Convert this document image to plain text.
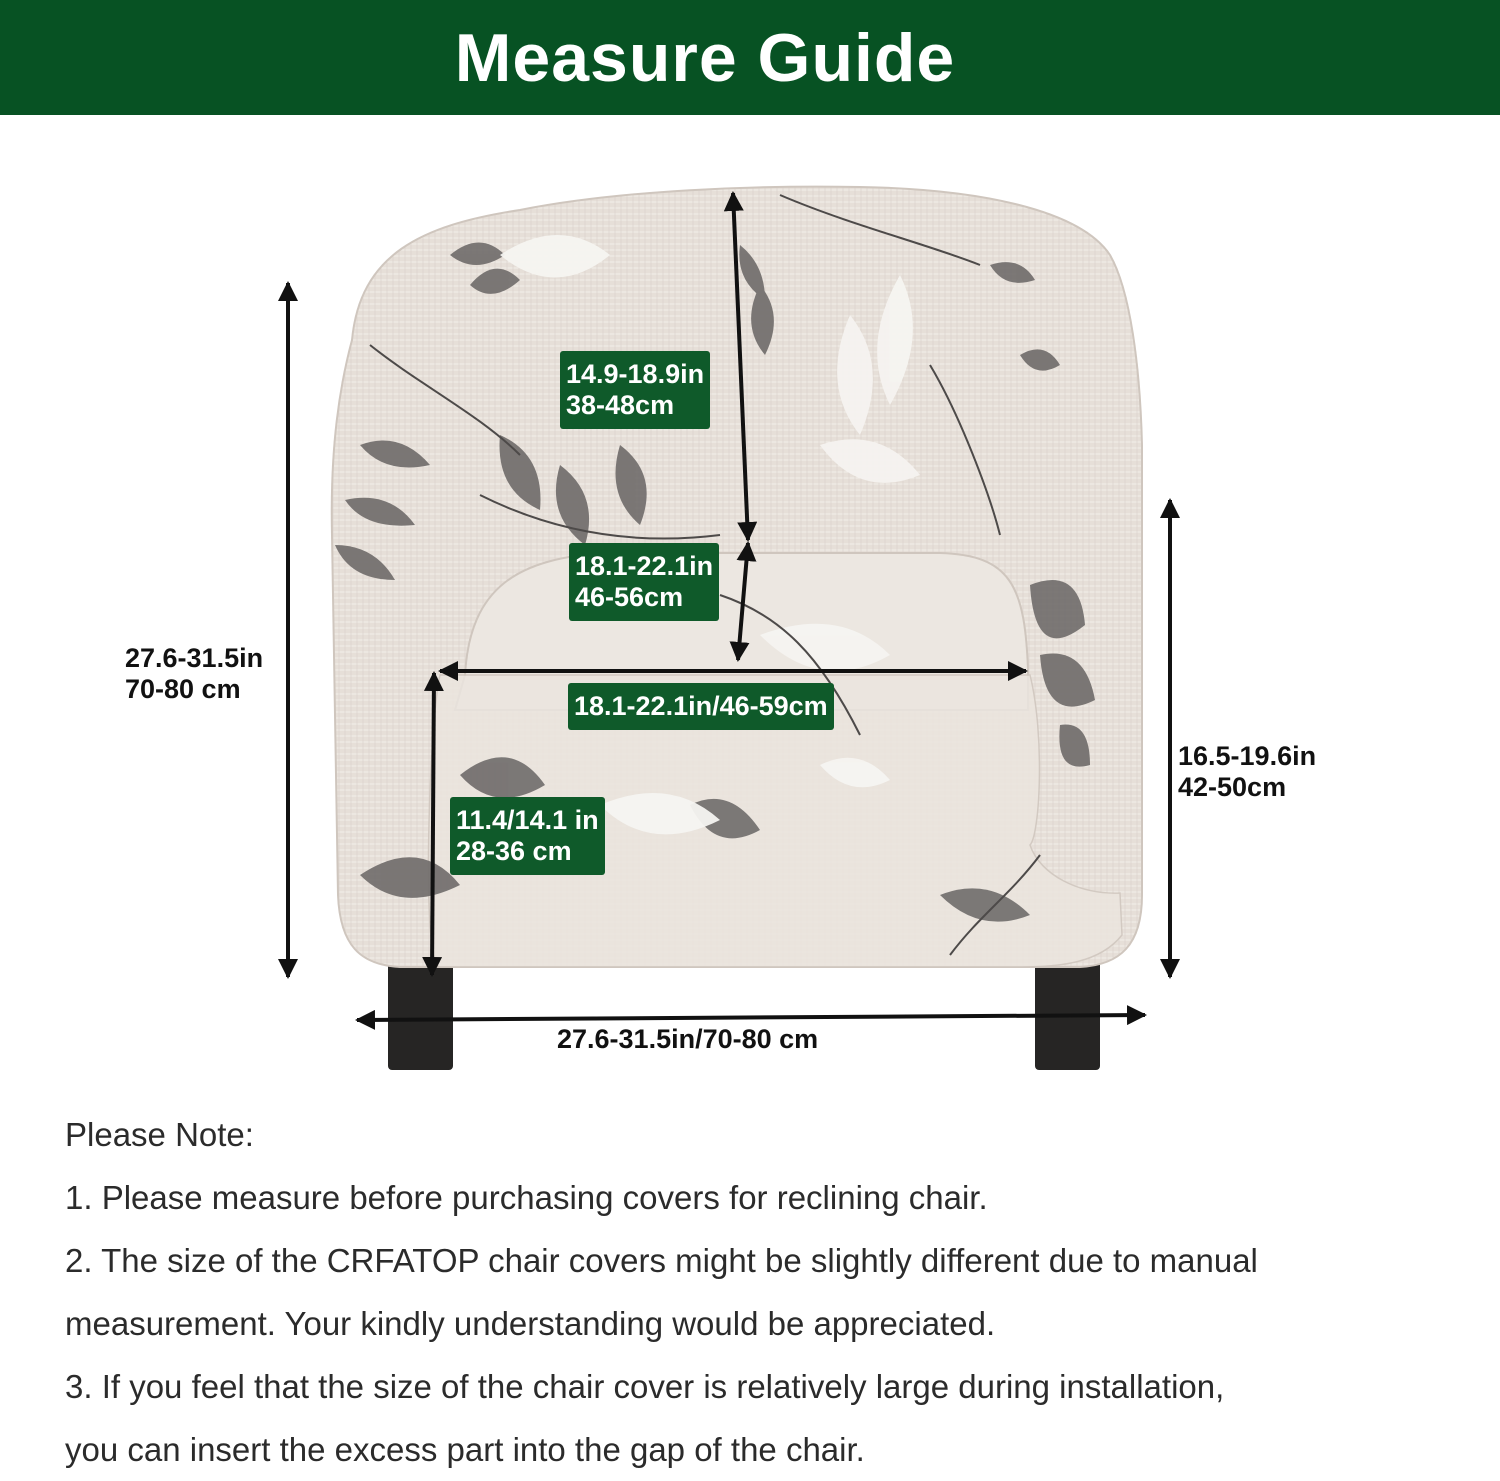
Measure Guide
14.9-18.9in
38-48cm
18.1-22.1in
46-56cm
18.1-22.1in/46-59cm
11.4/14.1 in
28-36 cm
27.6-31.5in
70-80 cm
16.5-19.6in
42-50cm
27.6-31.5in/70-80 cm
Please Note:
1. Please measure before purchasing covers for reclining chair.
2. The size of the CRFATOP chair covers might be slightly different due to manual
measurement. Your kindly understanding would be appreciated.
3. If you feel that the size of the chair cover is relatively large during installation,
you can insert the excess part into the gap of the chair.
